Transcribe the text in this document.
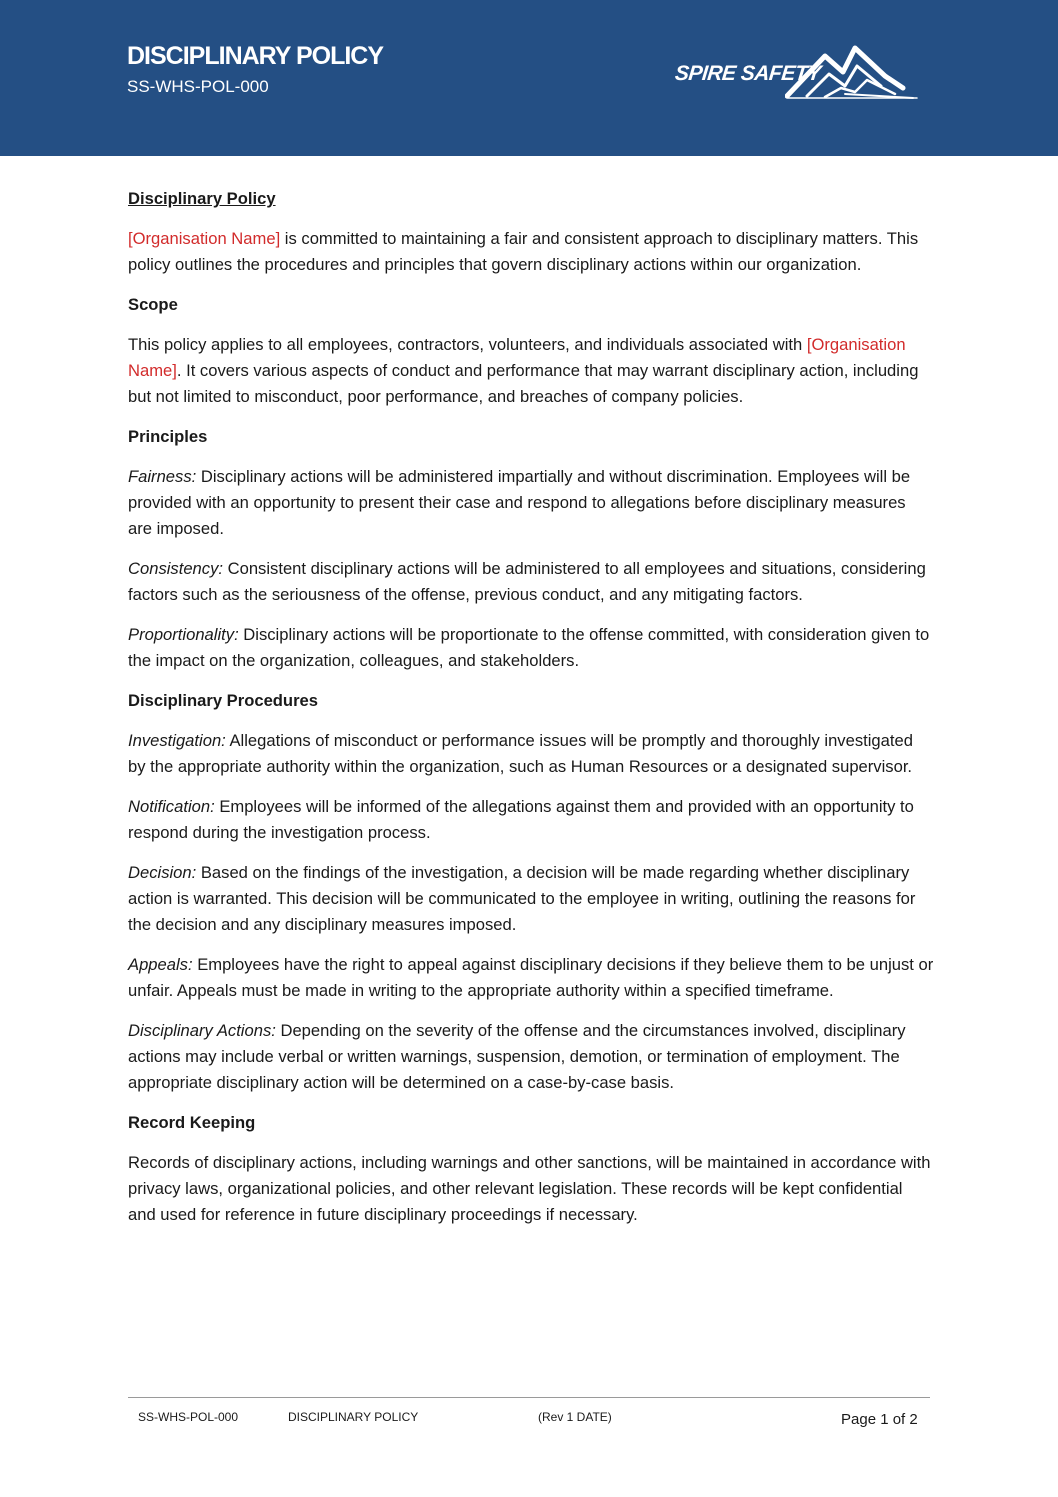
DISCIPLINARY POLICY
SS-WHS-POL-000
SPIRE SAFETY
Disciplinary Policy
[Organisation Name] is committed to maintaining a fair and consistent approach to disciplinary matters. This policy outlines the procedures and principles that govern disciplinary actions within our organization.
Scope
This policy applies to all employees, contractors, volunteers, and individuals associated with [Organisation Name]. It covers various aspects of conduct and performance that may warrant disciplinary action, including but not limited to misconduct, poor performance, and breaches of company policies.
Principles
Fairness: Disciplinary actions will be administered impartially and without discrimination. Employees will be provided with an opportunity to present their case and respond to allegations before disciplinary measures are imposed.
Consistency: Consistent disciplinary actions will be administered to all employees and situations, considering factors such as the seriousness of the offense, previous conduct, and any mitigating factors.
Proportionality: Disciplinary actions will be proportionate to the offense committed, with consideration given to the impact on the organization, colleagues, and stakeholders.
Disciplinary Procedures
Investigation: Allegations of misconduct or performance issues will be promptly and thoroughly investigated by the appropriate authority within the organization, such as Human Resources or a designated supervisor.
Notification: Employees will be informed of the allegations against them and provided with an opportunity to respond during the investigation process.
Decision: Based on the findings of the investigation, a decision will be made regarding whether disciplinary action is warranted. This decision will be communicated to the employee in writing, outlining the reasons for the decision and any disciplinary measures imposed.
Appeals: Employees have the right to appeal against disciplinary decisions if they believe them to be unjust or unfair. Appeals must be made in writing to the appropriate authority within a specified timeframe.
Disciplinary Actions: Depending on the severity of the offense and the circumstances involved, disciplinary actions may include verbal or written warnings, suspension, demotion, or termination of employment. The appropriate disciplinary action will be determined on a case-by-case basis.
Record Keeping
Records of disciplinary actions, including warnings and other sanctions, will be maintained in accordance with privacy laws, organizational policies, and other relevant legislation. These records will be kept confidential and used for reference in future disciplinary proceedings if necessary.
SS-WHS-POL-000	DISCIPLINARY POLICY	(Rev 1 DATE)	Page 1 of 2
